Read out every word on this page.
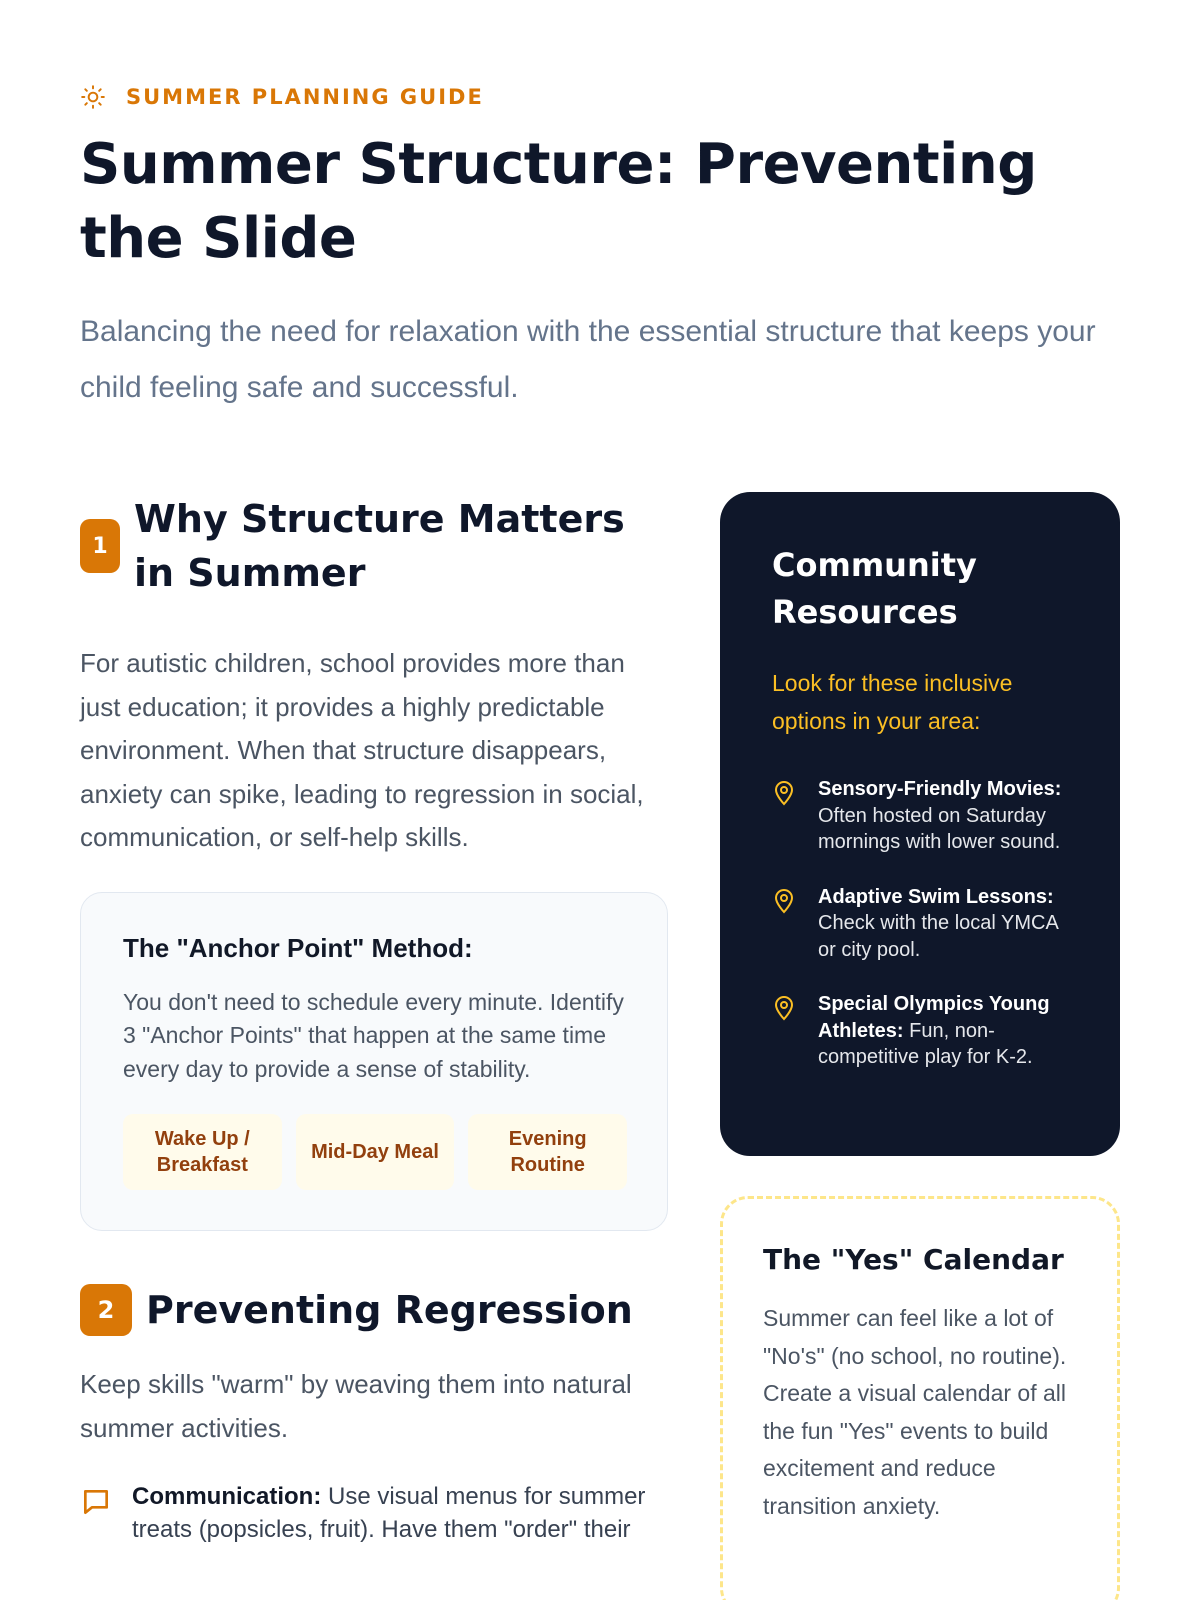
SUMMER PLANNING GUIDE
Summer Structure: Preventing the Slide

Balancing the need for relaxation with the essential structure that keeps your child feeling safe and successful.

1
Why Structure Matters in Summer

For autistic children, school provides more than just education; it provides a highly predictable environment. When that structure disappears, anxiety can spike, leading to regression in social, communication, or self-help skills.

The "Anchor Point" Method:

You don't need to schedule every minute. Identify 3 "Anchor Points" that happen at the same time every day to provide a sense of stability.

Wake Up / Breakfast
Mid-Day Meal
Evening Routine
2 Preventing Regression

Keep skills "warm" by weaving them into natural summer activities.

Communication: Use visual menus for summer treats (popsicles, fruit). Have them "order" their

Community Resources

Look for these inclusive options in your area:

Sensory-Friendly Movies: Often hosted on Saturday mornings with lower sound.

Adaptive Swim Lessons: Check with the local YMCA or city pool.

Special Olympics Young Athletes: Fun, non-competitive play for K-2.

The "Yes" Calendar

Summer can feel like a lot of "No's" (no school, no routine). Create a visual calendar of all the fun "Yes" events to build excitement and reduce transition anxiety.
